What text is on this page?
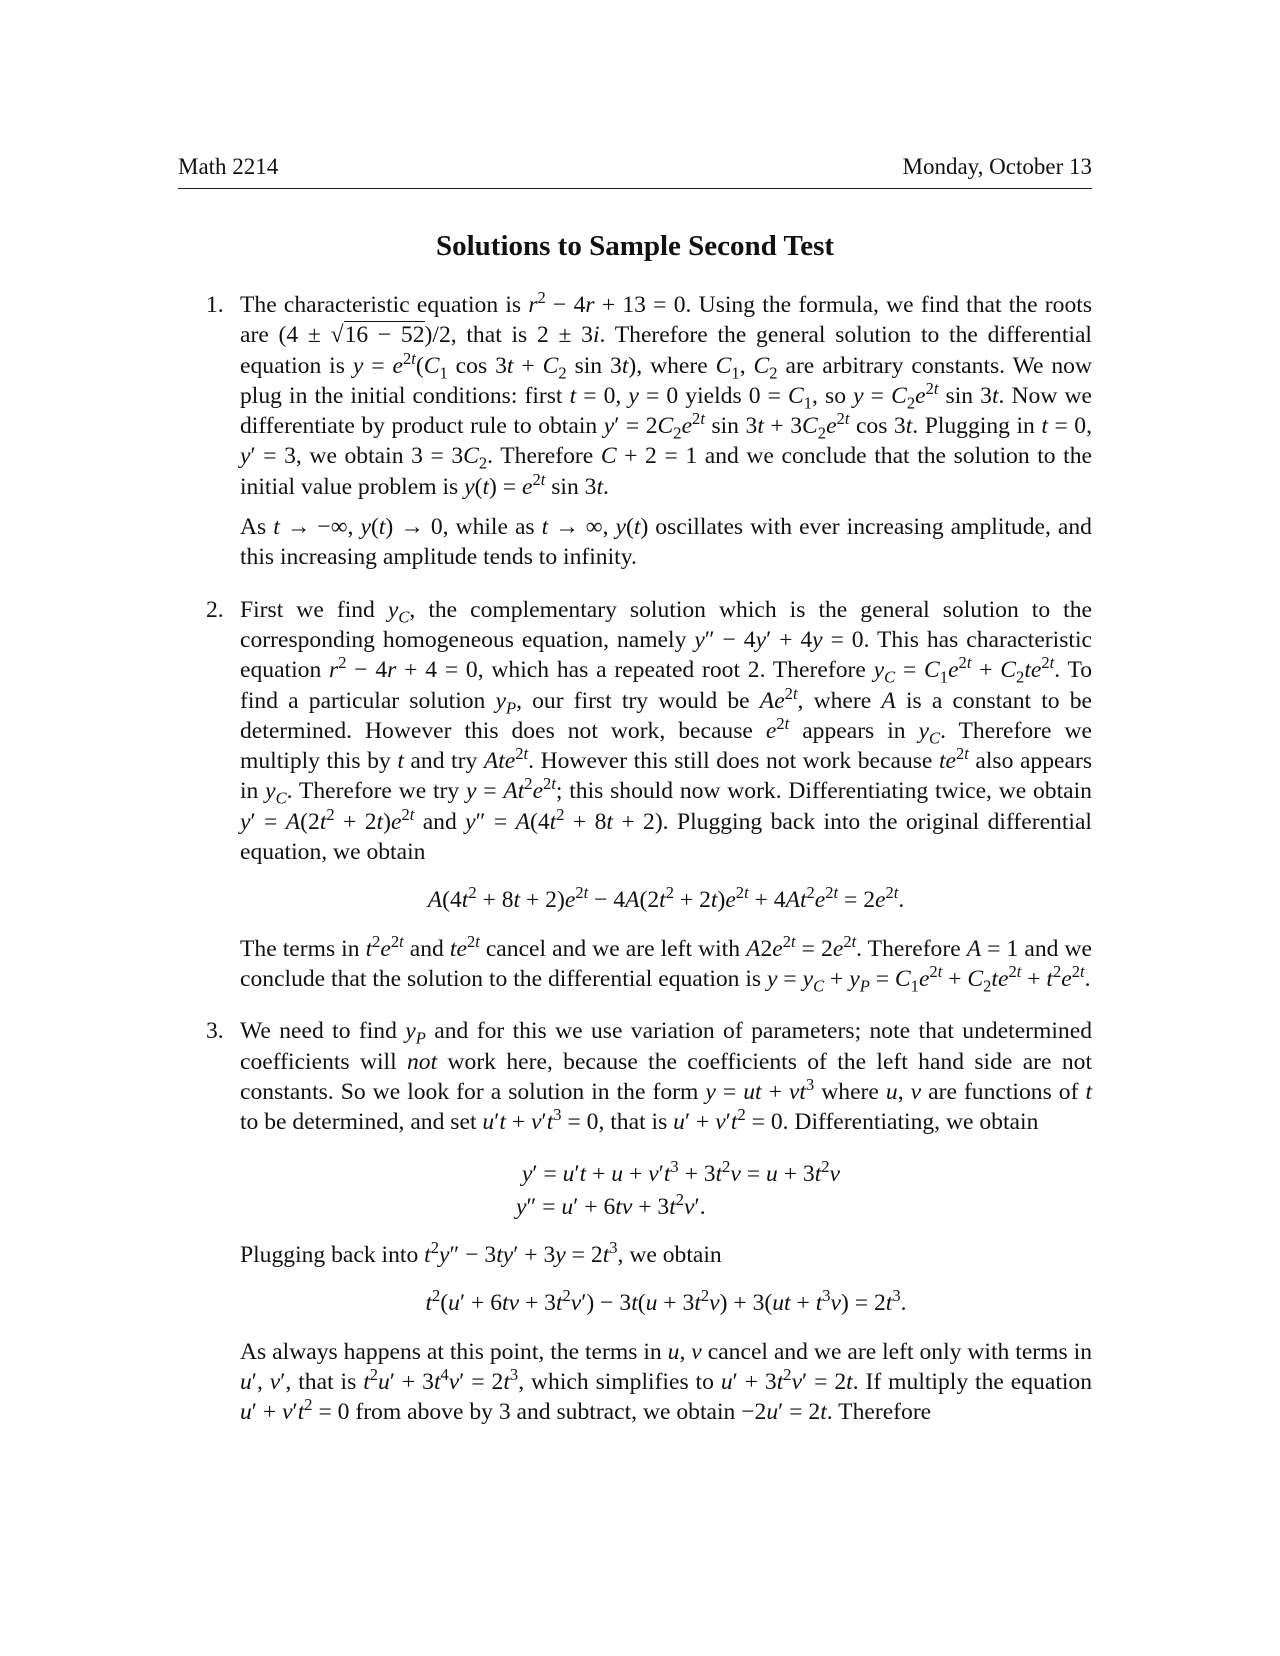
Math 2214	Monday, October 13
Solutions to Sample Second Test
1. The characteristic equation is $r^2 - 4r + 13 = 0$. Using the formula, we find that the roots are (4 ± √16 − 52)/2, that is 2 ± 3i. Therefore the general solution to the differential equation is $y = e^{2t}(C_1$ $\cos 3t + C_2$ sin 3t), where $C_1$, $C_2$ are arbitrary constants. We now plug in the initial conditions: first t = 0, y = 0 yields $0 = C_1$, so $y = C_2e^{2t}$ sin 3t. Now we differentiate by product rule to obtain $y' = 2C_2e^{2t}$ $\sin 3t + 3C_2e^{2t}$ cos 3t. Plugging in t = 0, y′ = 3, we obtain $3 = 3C_2$. Therefore C + 2 = 1 and we conclude that the solution to the initial value problem is $y(t) = e^{2t}$ sin 3t.

As t → −∞, y(t) → 0, while as t → ∞, y(t) oscillates with ever increasing amplitude, and this increasing amplitude tends to infinity.

2. First we find $y_C$, the complementary solution which is the general solution to the corresponding homogeneous equation, namely y″ − 4y′ + 4y = 0. This has characteristic equation $r^2 - 4r + 4 = 0$, which has a repeated root 2. Therefore $y_C = C_1e^{2t} + C_2te^{2t}$. To find a particular solution $y_P$, our first try would be $Ae^{2t}$, where A is a constant to be determined. However this does not work, because $e^{2t}$ appears in $y_C$. Therefore we multiply this by t and try Ate$^{2t}$. However this still does not work because $te^{2t}$ also appears in $y_C$. Therefore we try $y = At^2e^{2t}$; this should now work. Differentiating twice, we obtain $y' = A(2t^2 + 2t)e^{2t}$ and $y'' = A(4t^2 + 8t + 2)$. Plugging back into the original differential equation, we obtain

$A(4t^2 + 8t + 2)e^{2t} - 4A(2t^2 + 2t)e^{2t} + 4At^2e^{2t} = 2e^{2t}$.

The terms in $t^2e^{2t}$ and $te^{2t}$ cancel and we are left with $A2e^{2t} = 2e^{2t}$. Therefore A = 1 and we conclude that the solution to the differential equation is $y = y_C + y_P = C_1e^{2t} + C_2te^{2t} + t^2e^{2t}$.

3. We need to find $y_P$ and for this we use variation of parameters; note that undetermined coefficients will not work here, because the coefficients of the left hand side are not constants. So we look for a solution in the form y = ut + $vt^3$ where u, v are functions of t to be determined, and set $u't + v't^3 = 0$, that is $u' + v't^2 = 0$. Differentiating, we obtain

$y' = u't + u + v't^3 + 3t^2v = u + 3t^2v$
$y'' = u' + 6tv + 3t^2v'$.

Plugging back into $t^2y'' - 3ty' + 3y = 2t^3$, we obtain

$t^2(u' + 6tv + 3t^2v') - 3t(u + 3t^2v) + 3(ut + t^3v) = 2t^3$.

As always happens at this point, the terms in u, v cancel and we are left only with terms in u′, v′, that is $t^2u' + 3t^4v' = 2t^3$, which simplifies to $u' + 3t^2v' = 2t$. If multiply the equation $u' + v't^2 = 0$ from above by 3 and subtract, we obtain −2u′ = 2t. Therefore
